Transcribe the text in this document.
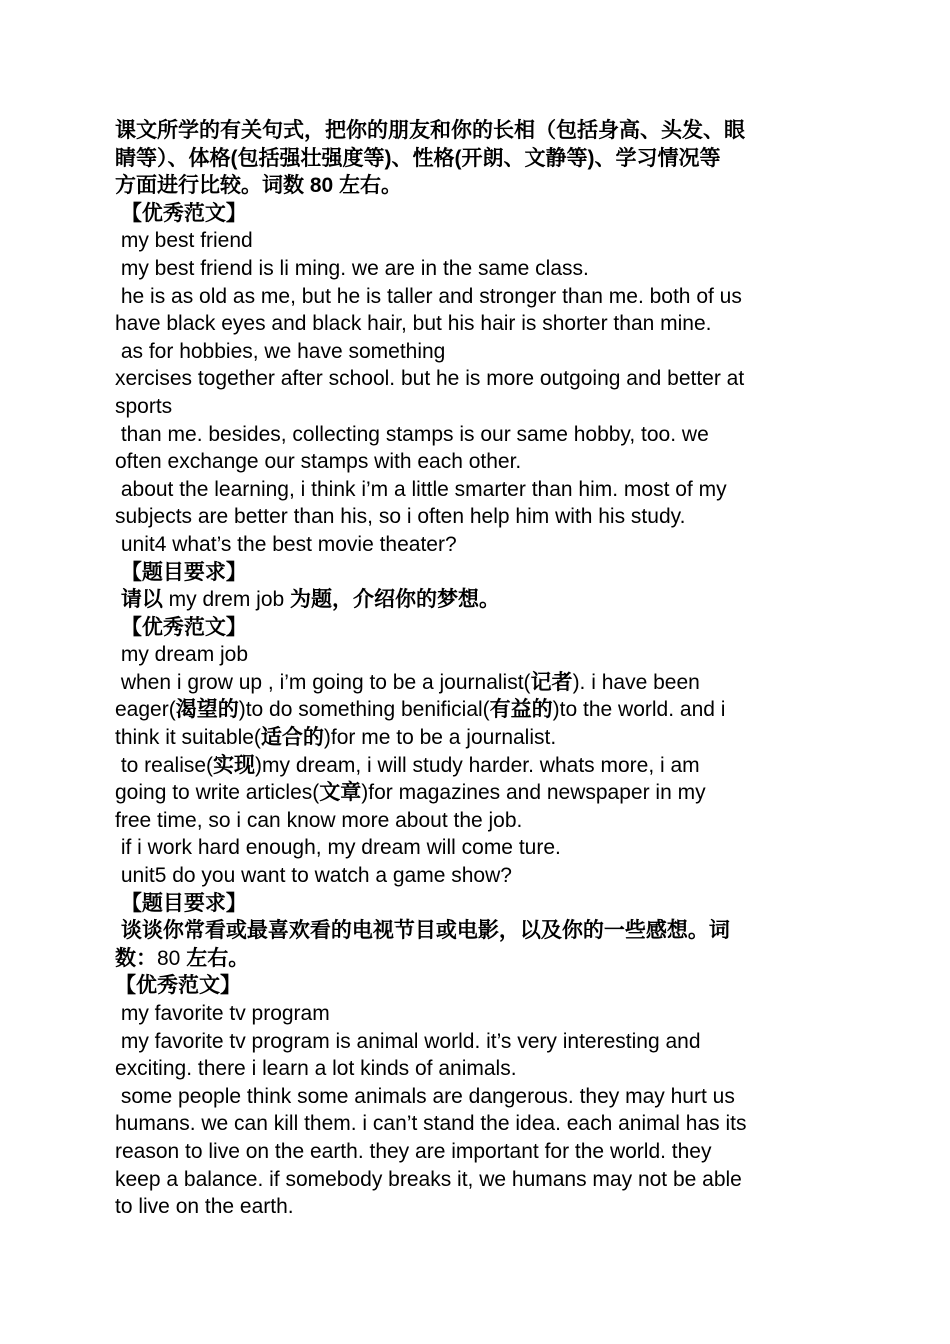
课文所学的有关句式，把你的朋友和你的长相（包括身高、头发、眼
睛等）、体格(包括强壮强度等)、性格(开朗、文静等)、学习情况等
方面进行比较。词数 80 左右。
【优秀范文】
my best friend
my best friend is li ming. we are in the same class.
he is as old as me, but he is taller and stronger than me. both of us
have black eyes and black hair, but his hair is shorter than mine.
as for hobbies, we have something
xercises together after school. but he is more outgoing and better at
sports
than me. besides, collecting stamps is our same hobby, too. we
often exchange our stamps with each other.
about the learning, i think i’m a little smarter than him. most of my
subjects are better than his, so i often help him with his study.
unit4 what’s the best movie theater?
【题目要求】
请以 my drem job 为题，介绍你的梦想。
【优秀范文】
my dream job
when i grow up , i’m going to be a journalist(记者). i have been
eager(渴望的)to do something benificial(有益的)to the world. and i
think it suitable(适合的)for me to be a journalist.
to realise(实现)my dream, i will study harder. whats more, i am
going to write articles(文章)for magazines and newspaper in my
free time, so i can know more about the job.
if i work hard enough, my dream will come ture.
unit5 do you want to watch a game show?
【题目要求】
谈谈你常看或最喜欢看的电视节目或电影，以及你的一些感想。词
数：80 左右。
【优秀范文】
my favorite tv program
my favorite tv program is animal world. it’s very interesting and
exciting. there i learn a lot kinds of animals.
some people think some animals are dangerous. they may hurt us
humans. we can kill them. i can’t stand the idea. each animal has its
reason to live on the earth. they are important for the world. they
keep a balance. if somebody breaks it, we humans may not be able
to live on the earth.
